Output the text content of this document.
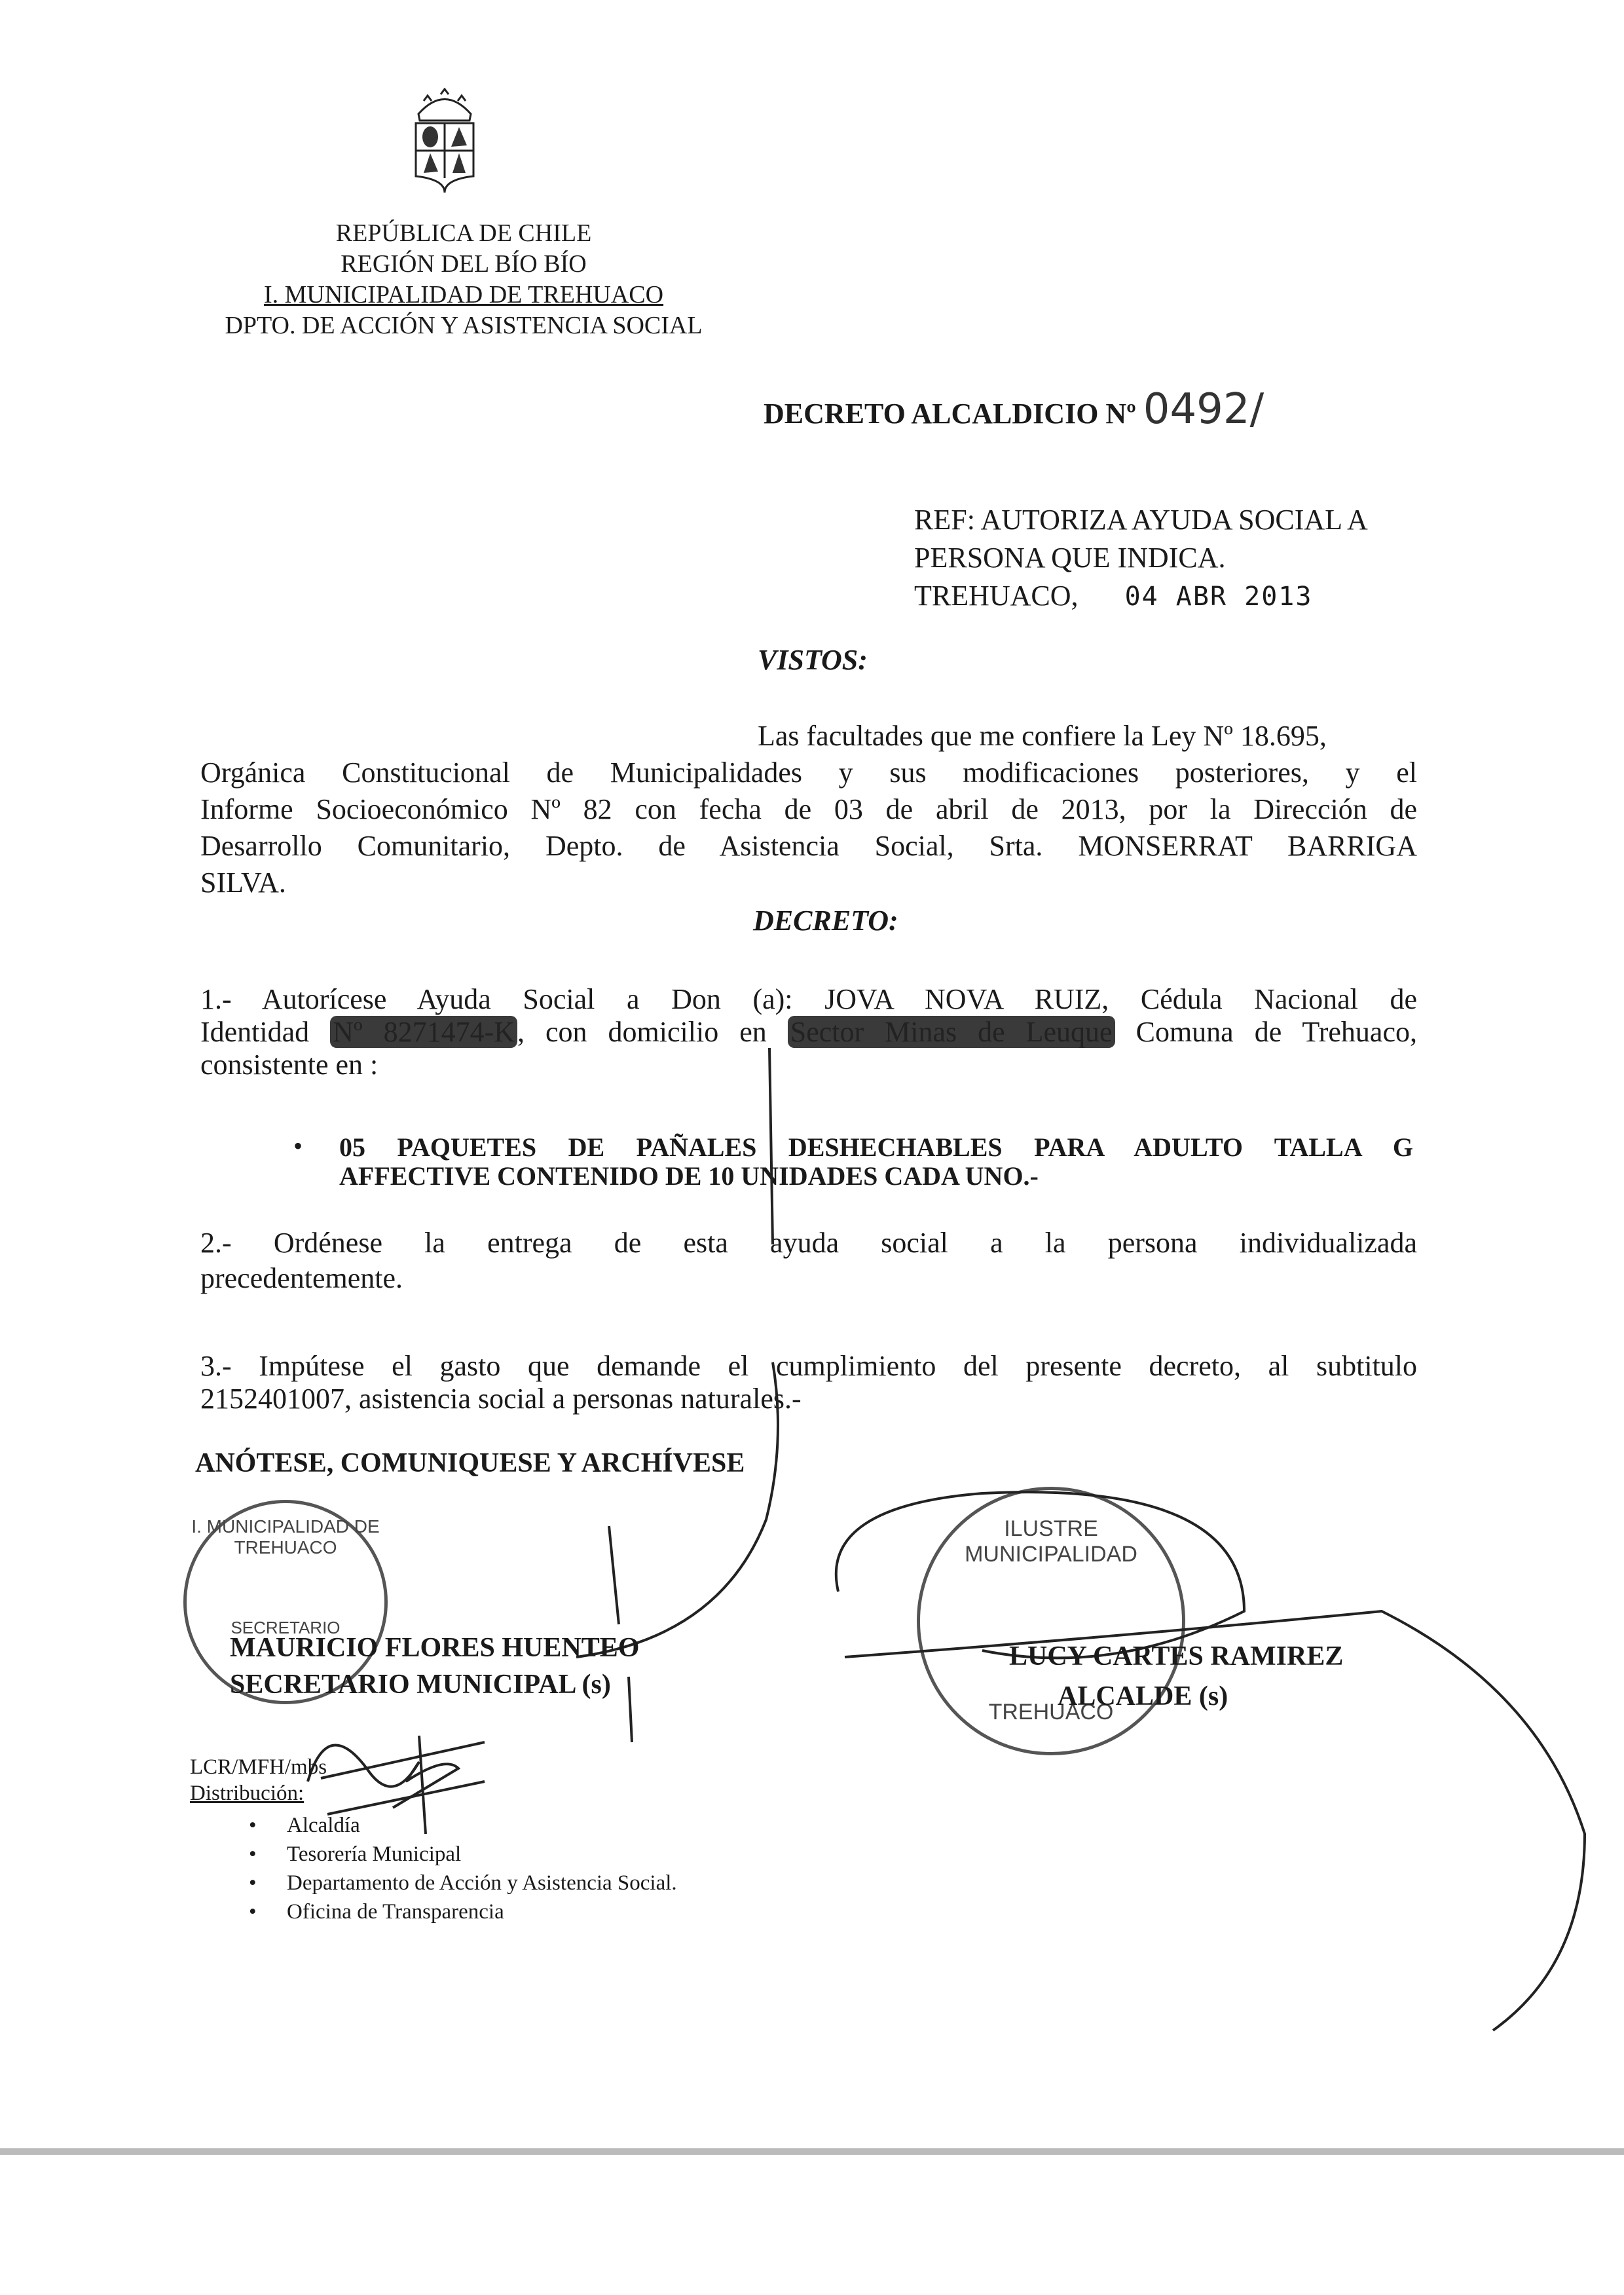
REPÚBLICA DE CHILE
REGIÓN DEL BÍO BÍO
I. MUNICIPALIDAD DE TREHUACO
DPTO. DE ACCIÓN Y ASISTENCIA SOCIAL
DECRETO ALCALDICIO Nº 0492/
REF: AUTORIZA AYUDA SOCIAL A
PERSONA QUE INDICA.
TREHUACO, 04 ABR 2013
VISTOS:
Las facultades que me confiere la Ley Nº 18.695,
Orgánica Constitucional de Municipalidades y sus modificaciones posteriores, y el
Informe Socioeconómico Nº 82 con fecha de 03 de abril de 2013, por la Dirección de
Desarrollo Comunitario, Depto. de Asistencia Social, Srta. MONSERRAT BARRIGA
SILVA.
DECRETO:
1.- Autorícese Ayuda Social a Don (a): JOVA NOVA RUIZ, Cédula Nacional de
Identidad Nº 8271474-K, con domicilio en Sector Minas de Leuque Comuna de Trehuaco,
consistente en :
• 05 PAQUETES DE PAÑALES DESHECHABLES PARA ADULTO TALLA G
AFFECTIVE CONTENIDO DE 10 UNIDADES CADA UNO.-
2.- Ordénese la entrega de esta ayuda social a la persona individualizada
precedentemente.
3.- Impútese el gasto que demande el cumplimiento del presente decreto, al subtitulo
2152401007, asistencia social a personas naturales.-
ANÓTESE, COMUNIQUESE Y ARCHÍVESE
I. MUNICIPALIDAD DE TREHUACO
SECRETARIO
ILUSTRE MUNICIPALIDAD
TREHUACO
MAURICIO FLORES HUENTEO
SECRETARIO MUNICIPAL (s)
LUCY CARTES RAMIREZ
ALCALDE (s)
LCR/MFH/mbs
Distribución:
• Alcaldía
• Tesorería Municipal
• Departamento de Acción y Asistencia Social.
• Oficina de Transparencia
